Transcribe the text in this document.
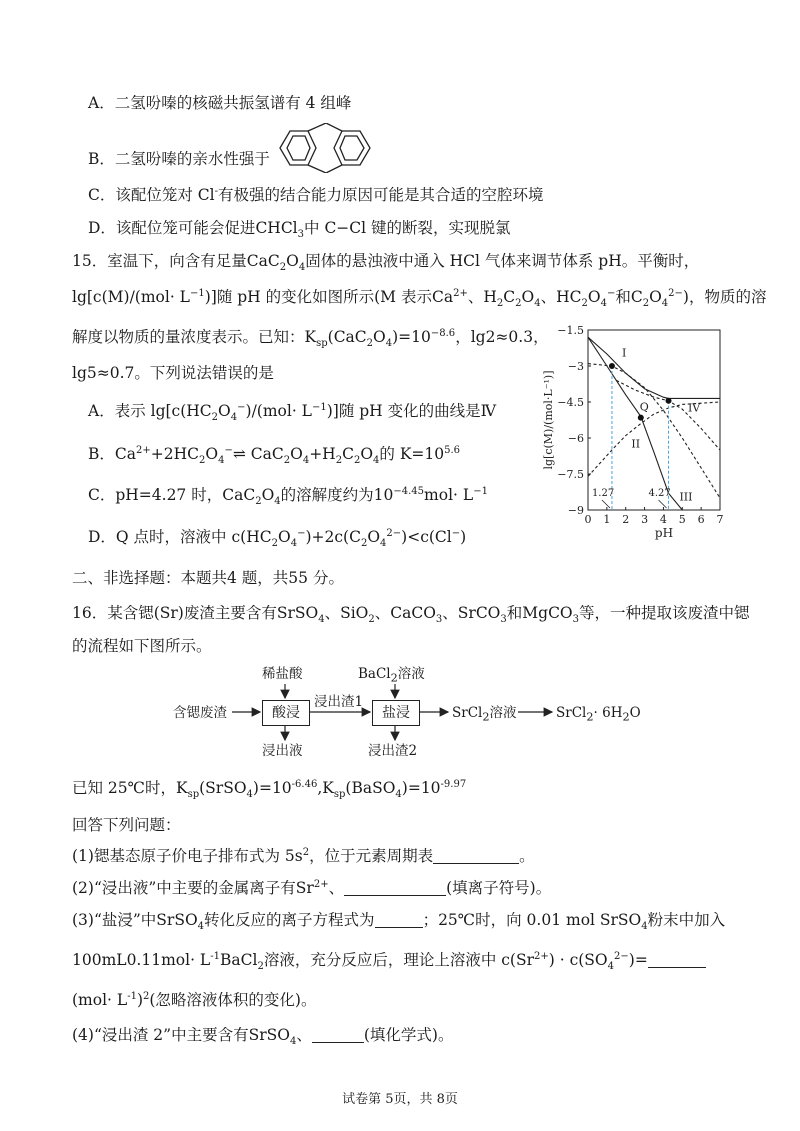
A．二氢吩嗪的核磁共振氢谱有 4 组峰
B．二氢吩嗪的亲水性强于
C．该配位笼对 Cl-有极强的结合能力原因可能是其合适的空腔环境
D．该配位笼可能会促进CHCl$_3$中 C−Cl 键的断裂，实现脱氯
15．室温下，向含有足量$CaC_2O_4$固体的悬浊液中通入 HCl 气体来调节体系 pH。平衡时，
$\lg[c(M)/(mol\cdot L^{-1})]$随 pH 的变化如图所示(M 表示$Ca^{2+}$、$H_2C_2O_4$、$HC_2O_4^-$和$C_2O_4^{2-}$)，物质的溶
解度以物质的量浓度表示。已知：$K_{sp}(CaC_2O_4)=10^{-8.6}$，lg2≈0.3，
lg5≈0.7。下列说法错误的是
A．表示 $\lg[c(HC_2O_4^-)/(mol\cdot L^{-1})]$随 pH 变化的曲线是Ⅳ
B．$Ca^{2+}+2HC_2O_4^-\rightleftharpoons$ $CaC_2O_4+H_2C_2O_4$的 $K=10^{5.6}$
C．pH=4.27 时，$CaC_2O_4$的溶解度约为$10^{-4.45}mol\cdot L^{-1}$
D．Q 点时，溶液中 $c(HC_2O_4^-)+2c(C_2O_4^{2-})<c(Cl^-)$
0 1 2 3 4 5 6 7
−1.5
−3
−4.5
−6
−7.5
−9
pH
lg[c(M)/(mol·L⁻¹)]
1.27	4.27
Q
I
II
III
IV
二、非选择题：本题共4 题，共55 分。
16．某含锶(Sr)废渣主要含有SrSO$_4$、SiO$_2$、CaCO$_3$、SrCO$_3$和MgCO$_3$等，一种提取该废渣中锶
的流程如下图所示。
稀盐酸	BaCl$_2$溶液
含锶废渣	酸浸
浸出渣1
盐浸	SrCl$_2$溶液	SrCl$_2$· $6H_2O$
浸出液	浸出渣2
已知 25℃时，$K_{sp}(SrSO_4)=10^{-6.46},K_{sp}(BaSO_4)=10^{-9.97}$
回答下列问题：
(1)锶基态原子价电子排布式为 $5s^2$，位于元素周期表	。
(2)“浸出液”中主要的金属离子有$Sr^{2+}$、	(填离子符号)。
(3)“盐浸”中SrSO$_4$转化反应的离子方程式为	；25℃时，向 0.01 mol SrSO$_4$粉末中加入
$100mL0.11mol\cdot L^{-1}BaCl_2$溶液，充分反应后，理论上溶液中 $c(Sr^{2+}) \cdot c(SO_4^{2-})=$
$(mol\cdot L^{-1})^2$(忽略溶液体积的变化)。
(4)“浸出渣 2”中主要含有SrSO$_4$、	(填化学式)。
试卷第 5页，共 8页
